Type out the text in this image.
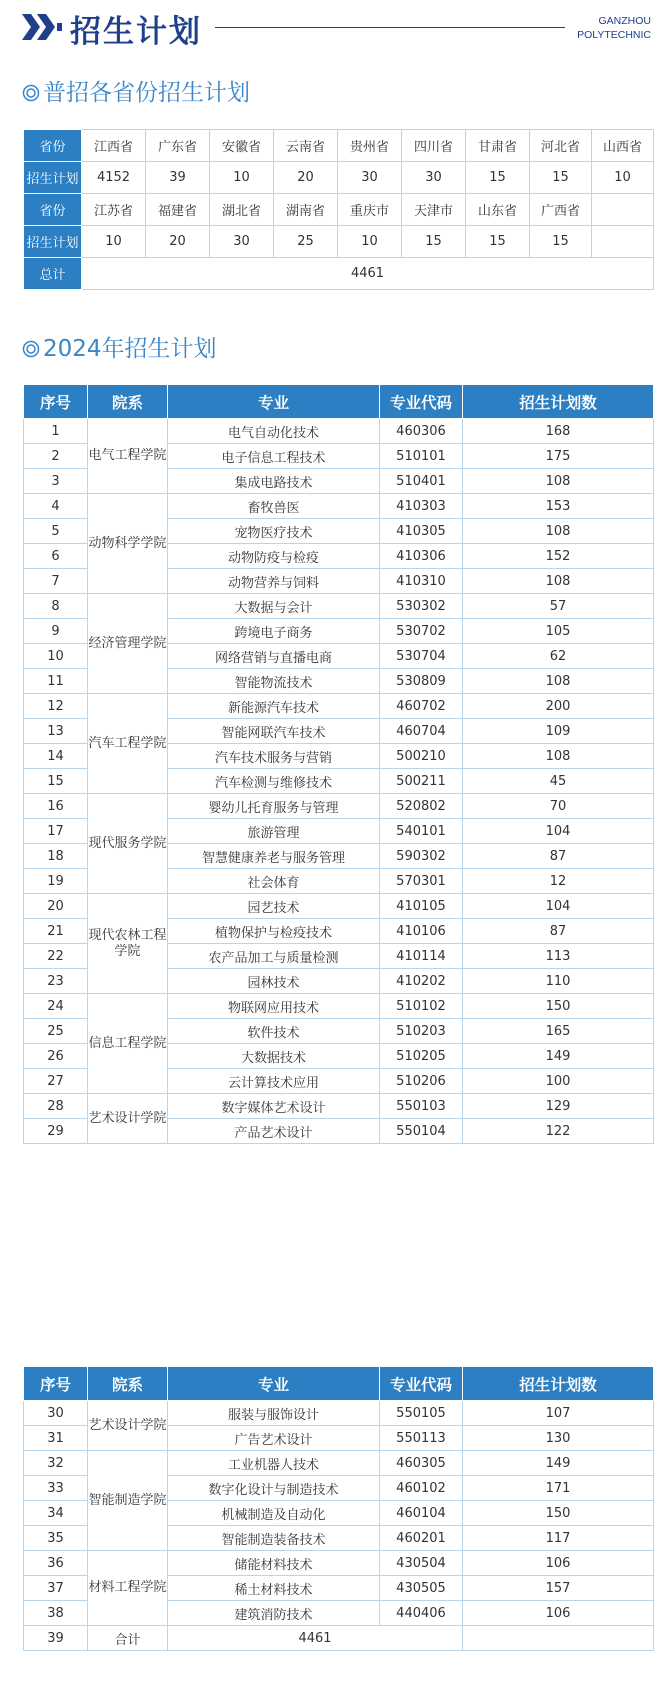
招生计划	GANZHOU
POLYTECHNIC
普招各省份招生计划
省份	江西省	广东省	安徽省	云南省	贵州省	四川省	甘肃省	河北省	山西省
招生计划	4152	39	10	20	30	30	15	15	10
省份	江苏省	福建省	湖北省	湖南省	重庆市	天津市	山东省	广西省	
招生计划	10	20	30	25	10	15	15	15	
总计	4461								
2024年招生计划
序号	院系	专业	专业代码	招生计划数
1	电气工程学院	电气自动化技术	460306	168
2		电子信息工程技术	510101	175
3		集成电路技术	510401	108
4	动物科学学院	畜牧兽医	410303	153
5		宠物医疗技术	410305	108
6		动物防疫与检疫	410306	152
7		动物营养与饲料	410310	108
8	经济管理学院	大数据与会计	530302	57
9		跨境电子商务	530702	105
10		网络营销与直播电商	530704	62
11		智能物流技术	530809	108
12	汽车工程学院	新能源汽车技术	460702	200
13		智能网联汽车技术	460704	109
14		汽车技术服务与营销	500210	108
15		汽车检测与维修技术	500211	45
16	现代服务学院	婴幼儿托育服务与管理	520802	70
17		旅游管理	540101	104
18		智慧健康养老与服务管理	590302	87
19		社会体育	570301	12
20	现代农林工程学院	园艺技术	410105	104
21		植物保护与检疫技术	410106	87
22		农产品加工与质量检测	410114	113
23		园林技术	410202	110
24	信息工程学院	物联网应用技术	510102	150
25		软件技术	510203	165
26		大数据技术	510205	149
27		云计算技术应用	510206	100
28	艺术设计学院	数字媒体艺术设计	550103	129
29		产品艺术设计	550104	122
序号	院系	专业	专业代码	招生计划数
30	艺术设计学院	服装与服饰设计	550105	107
31		广告艺术设计	550113	130
32	智能制造学院	工业机器人技术	460305	149
33		数字化设计与制造技术	460102	171
34		机械制造及自动化	460104	150
35		智能制造装备技术	460201	117
36	材料工程学院	储能材料技术	430504	106
37		稀土材料技术	430505	157
38		建筑消防技术	440406	106
39	合计	4461		
